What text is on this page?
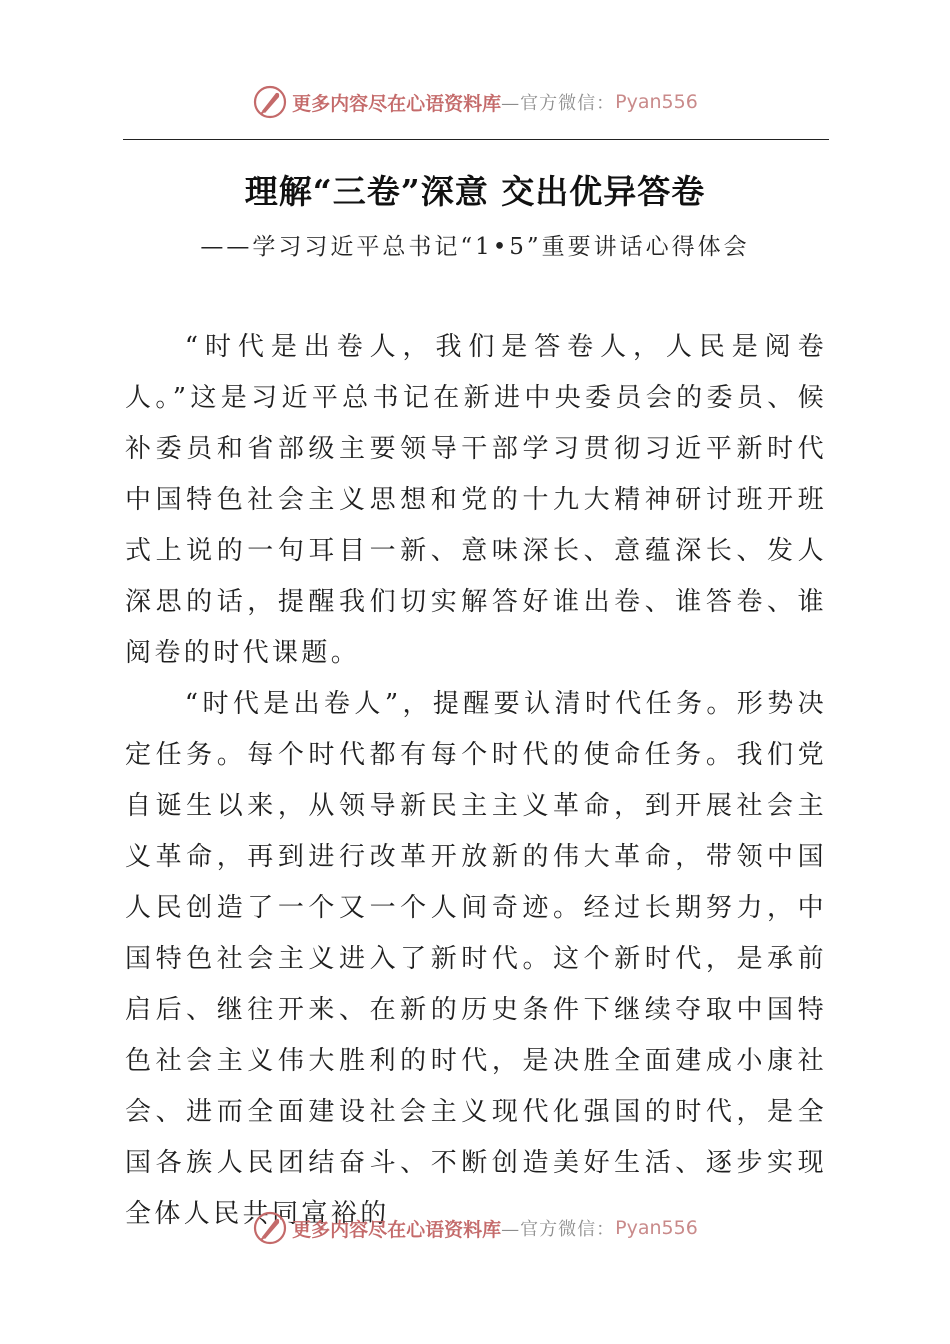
更多内容尽在心语资料库 —官方微信： Pyan556
理解“三卷”深意 交出优异答卷
——学习习近平总书记“1•5”重要讲话心得体会

“时代是出卷人，我们是答卷人，人民是阅卷人。”这是习近平总书记在新进中央委员会的委员、候补委员和省部级主要领导干部学习贯彻习近平新时代中国特色社会主义思想和党的十九大精神研讨班开班式上说的一句耳目一新、意味深长、意蕴深长、发人深思的话，提醒我们切实解答好谁出卷、谁答卷、谁阅卷的时代课题。

“时代是出卷人”，提醒要认清时代任务。形势决定任务。每个时代都有每个时代的使命任务。我们党自诞生以来，从领导新民主主义革命，到开展社会主义革命，再到进行改革开放新的伟大革命，带领中国人民创造了一个又一个人间奇迹。经过长期努力，中国特色社会主义进入了新时代。这个新时代，是承前启后、继往开来、在新的历史条件下继续夺取中国特色社会主义伟大胜利的时代，是决胜全面建成小康社会、进而全面建设社会主义现代化强国的时代，是全国各族人民团结奋斗、不断创造美好生活、逐步实现全体人民共同富裕的

更多内容尽在心语资料库 —官方微信： Pyan556
